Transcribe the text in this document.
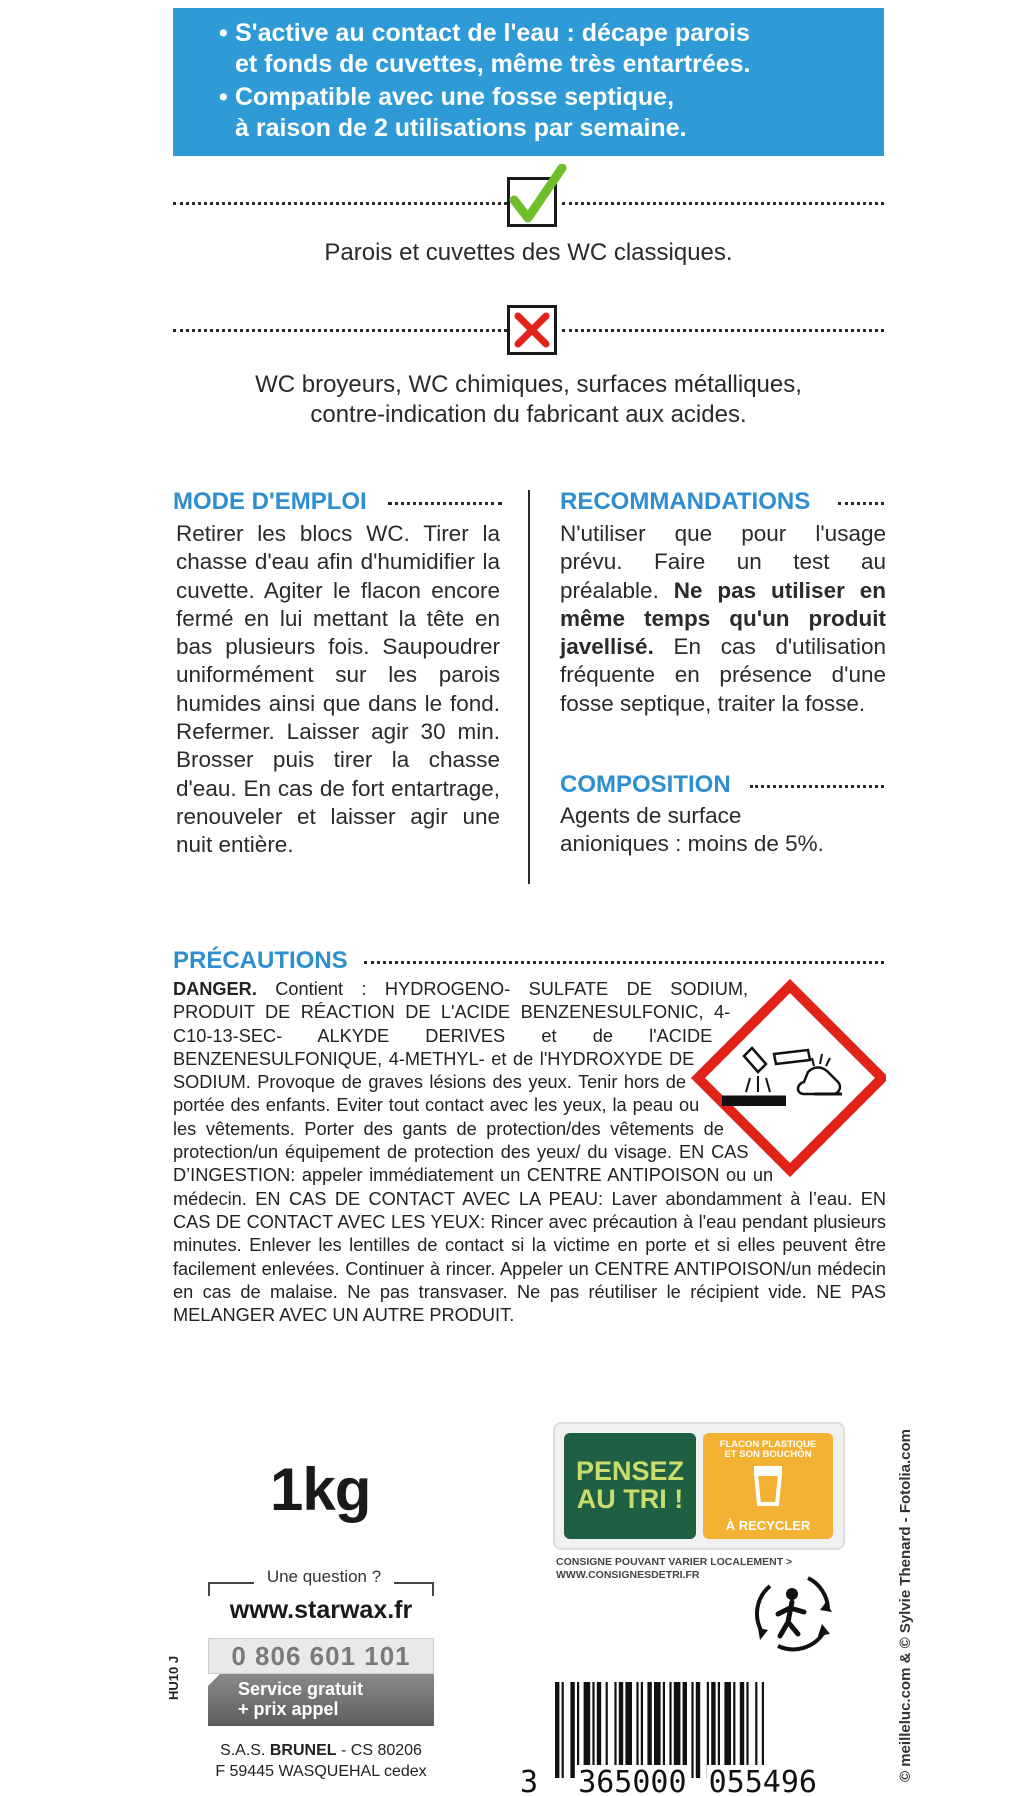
• S'active au contact de l'eau : décape parois
et fonds de cuvettes, même très entartrées.

• Compatible avec une fosse septique,
à raison de 2 utilisations par semaine.

Parois et cuvettes des WC classiques.
WC broyeurs, WC chimiques, surfaces métalliques,
contre-indication du fabricant aux acides.
MODE D'EMPLOI
Retirer les blocs WC. Tirer la chasse d'eau afin d'humidifier la cuvette. Agiter le flacon encore fermé en lui mettant la tête en bas plusieurs fois. Saupoudrer uniformément sur les parois humides ainsi que dans le fond. Refermer. Laisser agir 30 min. Brosser puis tirer la chasse d'eau. En cas de fort entartrage, renouveler et laisser agir une nuit entière.
RECOMMANDATIONS
N'utiliser que pour l'usage prévu. Faire un test au préalable. Ne pas utiliser en même temps qu'un produit javellisé. En cas d'utilisation fréquente en présence d'une fosse septique, traiter la fosse.
COMPOSITION
Agents de surface
anioniques : moins de 5%.
PRÉCAUTIONS
DANGER. Contient : HYDROGENO- SULFATE DE SODIUM, PRODUIT DE RÉACTION DE L'ACIDE BENZENESULFONIC, 4-C10-13-SEC- ALKYDE DERIVES et de l'ACIDE BENZENESULFONIQUE, 4-METHYL- et de l'HYDROXYDE DE SODIUM. Provoque de graves lésions des yeux. Tenir hors de portée des enfants. Eviter tout contact avec les yeux, la peau ou les vêtements. Porter des gants de protection/des vêtements de protection/un équipement de protection des yeux/ du visage. EN CAS D’INGESTION: appeler immédiatement un CENTRE ANTIPOISON ou un médecin. EN CAS DE CONTACT AVEC LA PEAU: Laver abondamment à l’eau. EN CAS DE CONTACT AVEC LES YEUX: Rincer avec précaution à l'eau pendant plusieurs minutes. Enlever les lentilles de contact si la victime en porte et si elles peuvent être facilement enlevées. Continuer à rincer. Appeler un CENTRE ANTIPOISON/un médecin en cas de malaise. Ne pas transvaser. Ne pas réutiliser le récipient vide. NE PAS MELANGER AVEC UN AUTRE PRODUIT.
1kg
Une question ?
www.starwax.fr
0 806 601 101
Service gratuit
+ prix appel
S.A.S. BRUNEL - CS 80206
F 59445 WASQUEHAL cedex
HU10 J
PENSEZ
AU TRI !
FLACON PLASTIQUE
ET SON BOUCHON
À RECYCLER
CONSIGNE POUVANT VARIER LOCALEMENT >
WWW.CONSIGNESDETRI.FR
3 365000 055496
© meilleluc.com & © Sylvie Thenard - Fotolia.com
